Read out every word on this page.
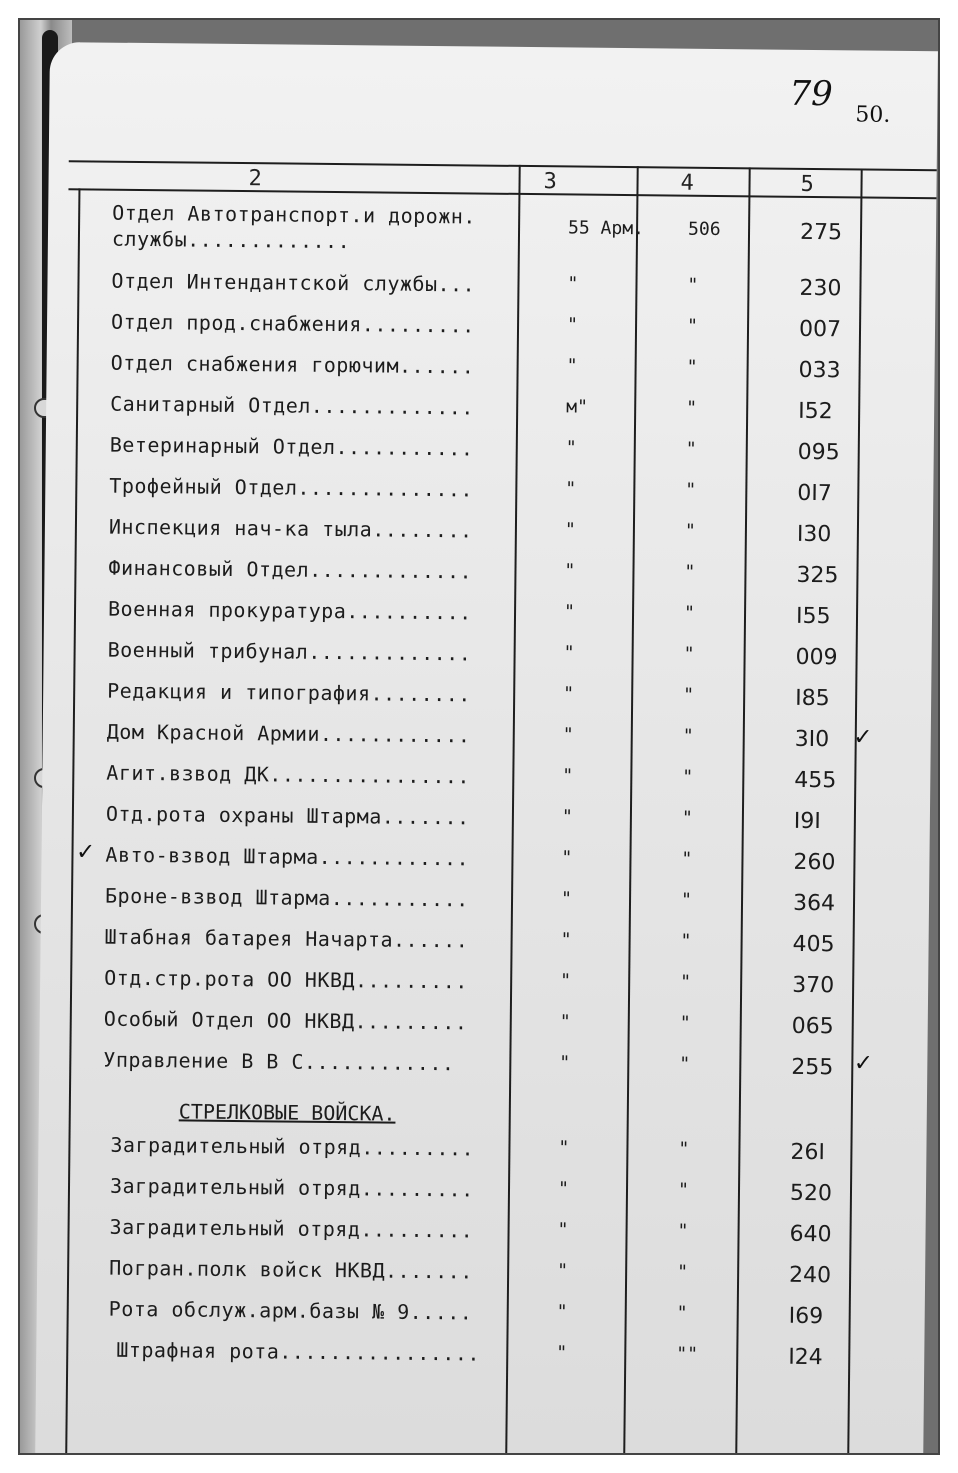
79
50.
2	3	4	5
Отдел Автотранспорт.и дорожн.
службы.............	55 Арм. 506	275
Отдел Интендантской службы...	"	"	230
Отдел прод.снабжения.........	"	"	007
Отдел снабжения горючим......	"	"	033
Санитарный Отдел.............	м"	"	I52
Ветеринарный Отдел...........	"	"	095
Трофейный Отдел..............	"	"	0I7
Инспекция нач-ка тыла........	"	"	I30
Финансовый Отдел.............	"	"	325
Военная прокуратура..........	"	"	I55
Военный трибунал.............	"	"	009
Редакция и типография........	"	"	I85
Дом Красной Армии............	"	"	3I0 ✓
Агит.взвод ДК................	"	"	455
Отд.рота охраны Штарма.......	"	"	I9I
Авто-взвод Штарма............	"	"	260
✓
Броне-взвод Штарма...........	"	"	364
Штабная батарея Начарта......	"	"	405
Отд.стр.рота ОО НКВД.........	"	"	370
Особый Отдел ОО НКВД.........	"	"	065
Управление В В С............	"	"	255 ✓
СТРЕЛКОВЫЕ ВОЙСКА.
Заградительный отряд.........	"	"	26I
Заградительный отряд.........	"	"	520
Заградительный отряд.........	"	"	640
Погран.полк войск НКВД.......	"	"	240
Рота обслуж.арм.базы № 9.....	"	"	I69
Штрафная рота................	"	""	I24
